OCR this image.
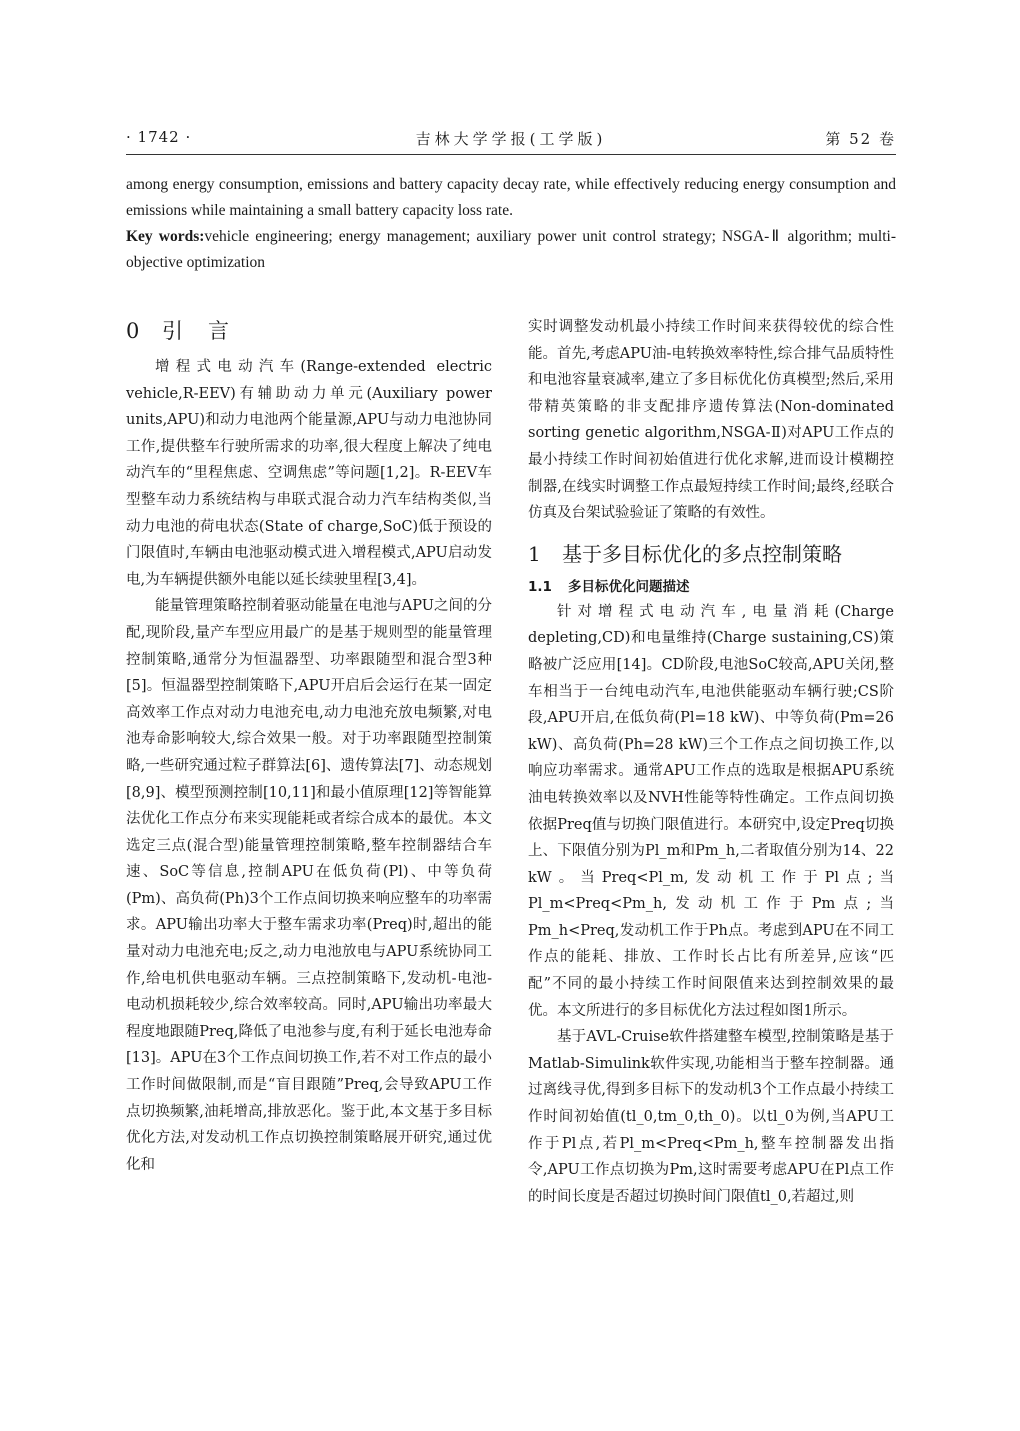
· 1742 ·	吉林大学学报(工学版)	第 52 卷

among energy consumption, emissions and battery capacity decay rate, while effectively reducing energy consumption and emissions while maintaining a small battery capacity loss rate.

Key words:vehicle engineering; energy management; auxiliary power unit control strategy; NSGA-Ⅱ algorithm; multi-objective optimization

0 引　言

增程式电动汽车(Range-extended electric vehicle,R-EEV)有辅助动力单元(Auxiliary power units,APU)和动力电池两个能量源,APU与动力电池协同工作,提供整车行驶所需求的功率,很大程度上解决了纯电动汽车的“里程焦虑、空调焦虑”等问题[1,2]。R-EEV车型整车动力系统结构与串联式混合动力汽车结构类似,当动力电池的荷电状态(State of charge,SoC)低于预设的门限值时,车辆由电池驱动模式进入增程模式,APU启动发电,为车辆提供额外电能以延长续驶里程[3,4]。

能量管理策略控制着驱动能量在电池与APU之间的分配,现阶段,量产车型应用最广的是基于规则型的能量管理控制策略,通常分为恒温器型、功率跟随型和混合型3种[5]。恒温器型控制策略下,APU开启后会运行在某一固定高效率工作点对动力电池充电,动力电池充放电频繁,对电池寿命影响较大,综合效果一般。对于功率跟随型控制策略,一些研究通过粒子群算法[6]、遗传算法[7]、动态规划[8,9]、模型预测控制[10,11]和最小值原理[12]等智能算法优化工作点分布来实现能耗或者综合成本的最优。本文选定三点(混合型)能量管理控制策略,整车控制器结合车速、SoC等信息,控制APU在低负荷(Pl)、中等负荷(Pm)、高负荷(Ph)3个工作点间切换来响应整车的功率需求。APU输出功率大于整车需求功率(Preq)时,超出的能量对动力电池充电;反之,动力电池放电与APU系统协同工作,给电机供电驱动车辆。三点控制策略下,发动机-电池-电动机损耗较少,综合效率较高。同时,APU输出功率最大程度地跟随Preq,降低了电池参与度,有利于延长电池寿命[13]。APU在3个工作点间切换工作,若不对工作点的最小工作时间做限制,而是“盲目跟随”Preq,会导致APU工作点切换频繁,油耗增高,排放恶化。鉴于此,本文基于多目标优化方法,对发动机工作点切换控制策略展开研究,通过优化和

实时调整发动机最小持续工作时间来获得较优的综合性能。首先,考虑APU油-电转换效率特性,综合排气品质特性和电池容量衰减率,建立了多目标优化仿真模型;然后,采用带精英策略的非支配排序遗传算法(Non-dominated sorting genetic algorithm,NSGA-Ⅱ)对APU工作点的最小持续工作时间初始值进行优化求解,进而设计模糊控制器,在线实时调整工作点最短持续工作时间;最终,经联合仿真及台架试验验证了策略的有效性。

1 基于多目标优化的多点控制策略

1.1 多目标优化问题描述

针对增程式电动汽车,电量消耗(Charge depleting,CD)和电量维持(Charge sustaining,CS)策略被广泛应用[14]。CD阶段,电池SoC较高,APU关闭,整车相当于一台纯电动汽车,电池供能驱动车辆行驶;CS阶段,APU开启,在低负荷(Pl=18 kW)、中等负荷(Pm=26 kW)、高负荷(Ph=28 kW)三个工作点之间切换工作,以响应功率需求。通常APU工作点的选取是根据APU系统油电转换效率以及NVH性能等特性确定。工作点间切换依据Preq值与切换门限值进行。本研究中,设定Preq切换上、下限值分别为Pl_m和Pm_h,二者取值分别为14、22 kW。当Preq<Pl_m,发动机工作于Pl点;当Pl_m<Preq<Pm_h,发动机工作于Pm点;当Pm_h<Preq,发动机工作于Ph点。考虑到APU在不同工作点的能耗、排放、工作时长占比有所差异,应该“匹配”不同的最小持续工作时间限值来达到控制效果的最优。本文所进行的多目标优化方法过程如图1所示。

基于AVL-Cruise软件搭建整车模型,控制策略是基于Matlab-Simulink软件实现,功能相当于整车控制器。通过离线寻优,得到多目标下的发动机3个工作点最小持续工作时间初始值(tl_0,tm_0,th_0)。以tl_0为例,当APU工作于Pl点,若Pl_m<Preq<Pm_h,整车控制器发出指令,APU工作点切换为Pm,这时需要考虑APU在Pl点工作的时间长度是否超过切换时间门限值tl_0,若超过,则
